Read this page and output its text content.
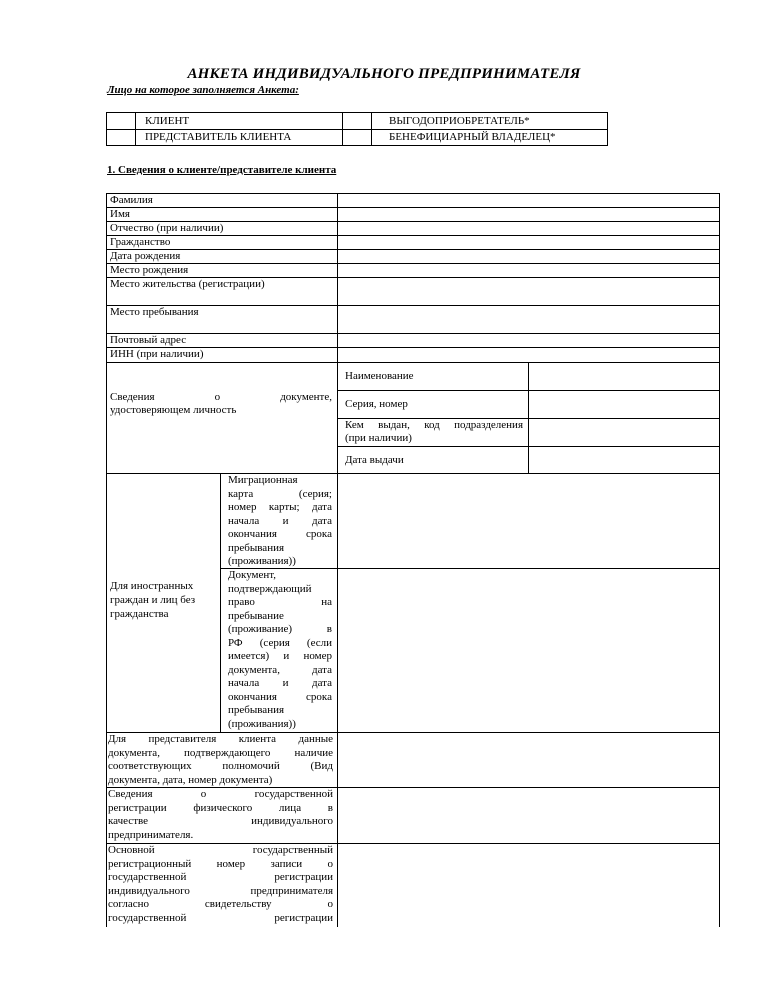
АНКЕТА ИНДИВИДУАЛЬНОГО ПРЕДПРИНИМАТЕЛЯ
Лицо на которое заполняется Анкета:
КЛИЕНТ
ПРЕДСТАВИТЕЛЬ КЛИЕНТА
ВЫГОДОПРИОБРЕТАТЕЛЬ*
БЕНЕФИЦИАРНЫЙ ВЛАДЕЛЕЦ*
1. Сведения о клиенте/представителе клиента
Фамилия
Имя
Отчество (при наличии)
Гражданство
Дата рождения
Место рождения
Место жительства (регистрации)
Место пребывания
Почтовый адрес
ИНН (при наличии)
Сведения о документе,
удостоверяющем личность
Наименование
Серия, номер
Кем выдан, код подразделения
(при наличии)
Дата выдачи
Для иностранных
граждан и лиц без
гражданства
Миграционная
карта (серия;
номер карты; дата
начала и дата
окончания срока
пребывания
(проживания))
Документ,
подтверждающий
право на
пребывание
(проживание) в
РФ (серия (если
имеется) и номер
документа, дата
начала и дата
окончания срока
пребывания
(проживания))
Для представителя клиента данные
документа, подтверждающего наличие
соответствующих полномочий (Вид
документа, дата, номер документа)
Сведения о государственной
регистрации физического лица в
качестве индивидуального
предпринимателя.
Основной государственный
регистрационный номер записи о
государственной регистрации
индивидуального предпринимателя
согласно свидетельству о
государственной регистрации
